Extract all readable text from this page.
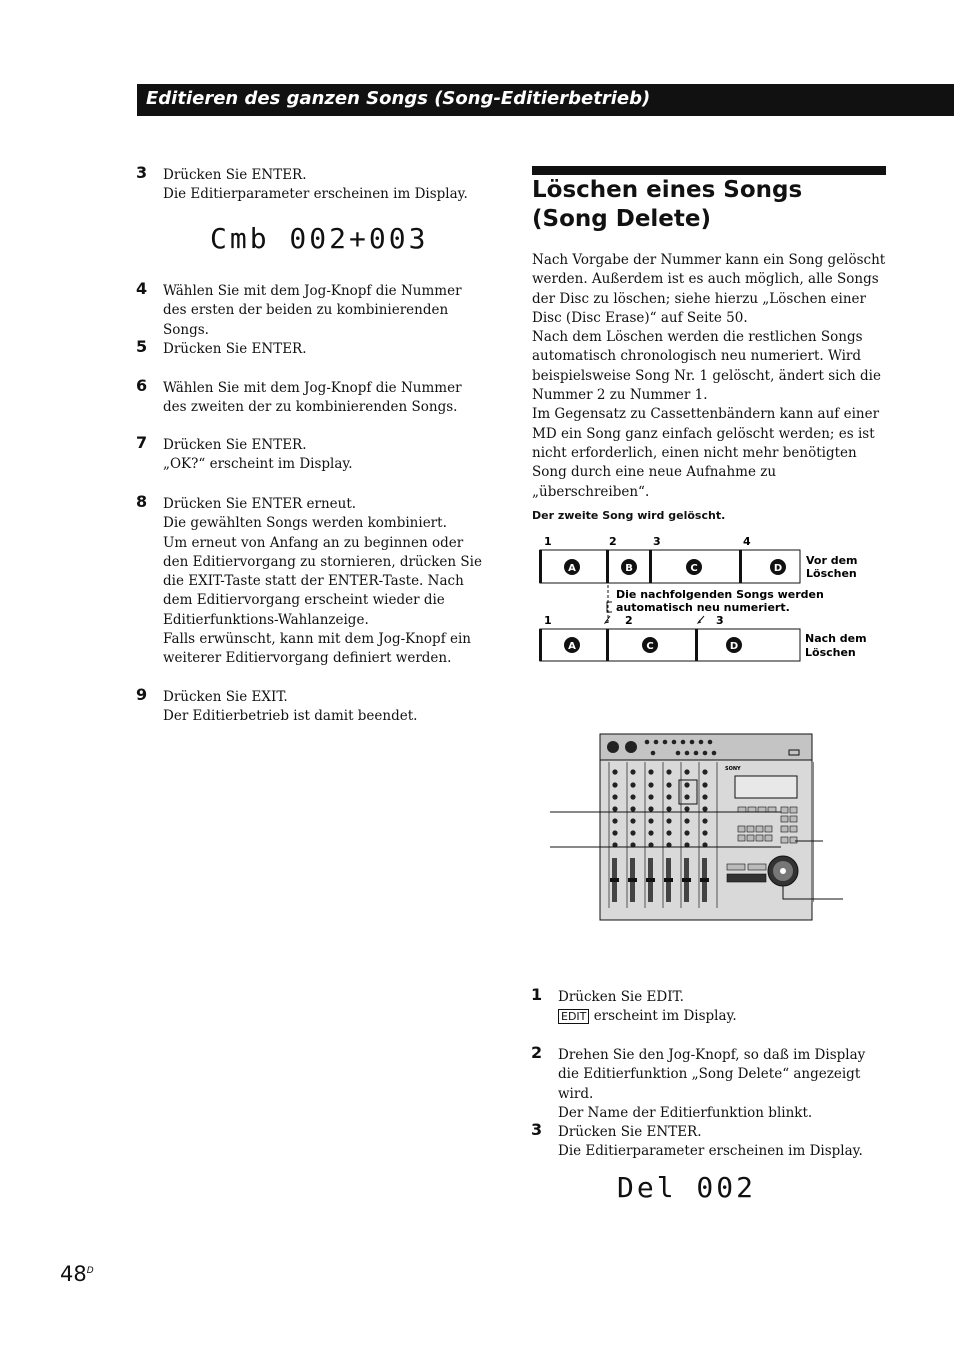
Editieren des ganzen Songs (Song-Editierbetrieb)
3 Drücken Sie ENTER.

Die Editierparameter erscheinen im Display.

Cmb 002+003
4 Wählen Sie mit dem Jog-Knopf die Nummer des ersten der beiden zu kombinierenden Songs.

5 Drücken Sie ENTER.

6 Wählen Sie mit dem Jog-Knopf die Nummer des zweiten der zu kombinierenden Songs.

7 Drücken Sie ENTER.

„OK?“ erscheint im Display.

8 Drücken Sie ENTER erneut.

Die gewählten Songs werden kombiniert.

Um erneut von Anfang an zu beginnen oder den Editiervorgang zu stornieren, drücken Sie die EXIT-Taste statt der ENTER-Taste. Nach dem Editiervorgang erscheint wieder die Editierfunktions-Wahlanzeige.

Falls erwünscht, kann mit dem Jog-Knopf ein weiterer Editiervorgang definiert werden.

9 Drücken Sie EXIT.

Der Editierbetrieb ist damit beendet.

Löschen eines Songs (Song Delete)

Nach Vorgabe der Nummer kann ein Song gelöscht werden. Außerdem ist es auch möglich, alle Songs der Disc zu löschen; siehe hierzu „Löschen einer Disc (Disc Erase)“ auf Seite 50.

Nach dem Löschen werden die restlichen Songs automatisch chronologisch neu numeriert. Wird beispielsweise Song Nr. 1 gelöscht, ändert sich die Nummer 2 zu Nummer 1.

Im Gegensatz zu Cassettenbändern kann auf einer MD ein Song ganz einfach gelöscht werden; es ist nicht erforderlich, einen nicht mehr benötigten Song durch eine neue Aufnahme zu „überschreiben“.

Der zweite Song wird gelöscht.
1	2	3	4
A	B	C	D
Vor dem
Löschen
Die nachfolgenden Songs werden
automatisch neu numeriert.
1	2	3
A	C	D
Nach dem
Löschen
SONY
1 Drücken Sie EDIT.

EDIT erscheint im Display.

2 Drehen Sie den Jog-Knopf, so daß im Display die Editierfunktion „Song Delete“ angezeigt wird.

Der Name der Editierfunktion blinkt.

3 Drücken Sie ENTER.

Die Editierparameter erscheinen im Display.

Del 002
$48^D$
